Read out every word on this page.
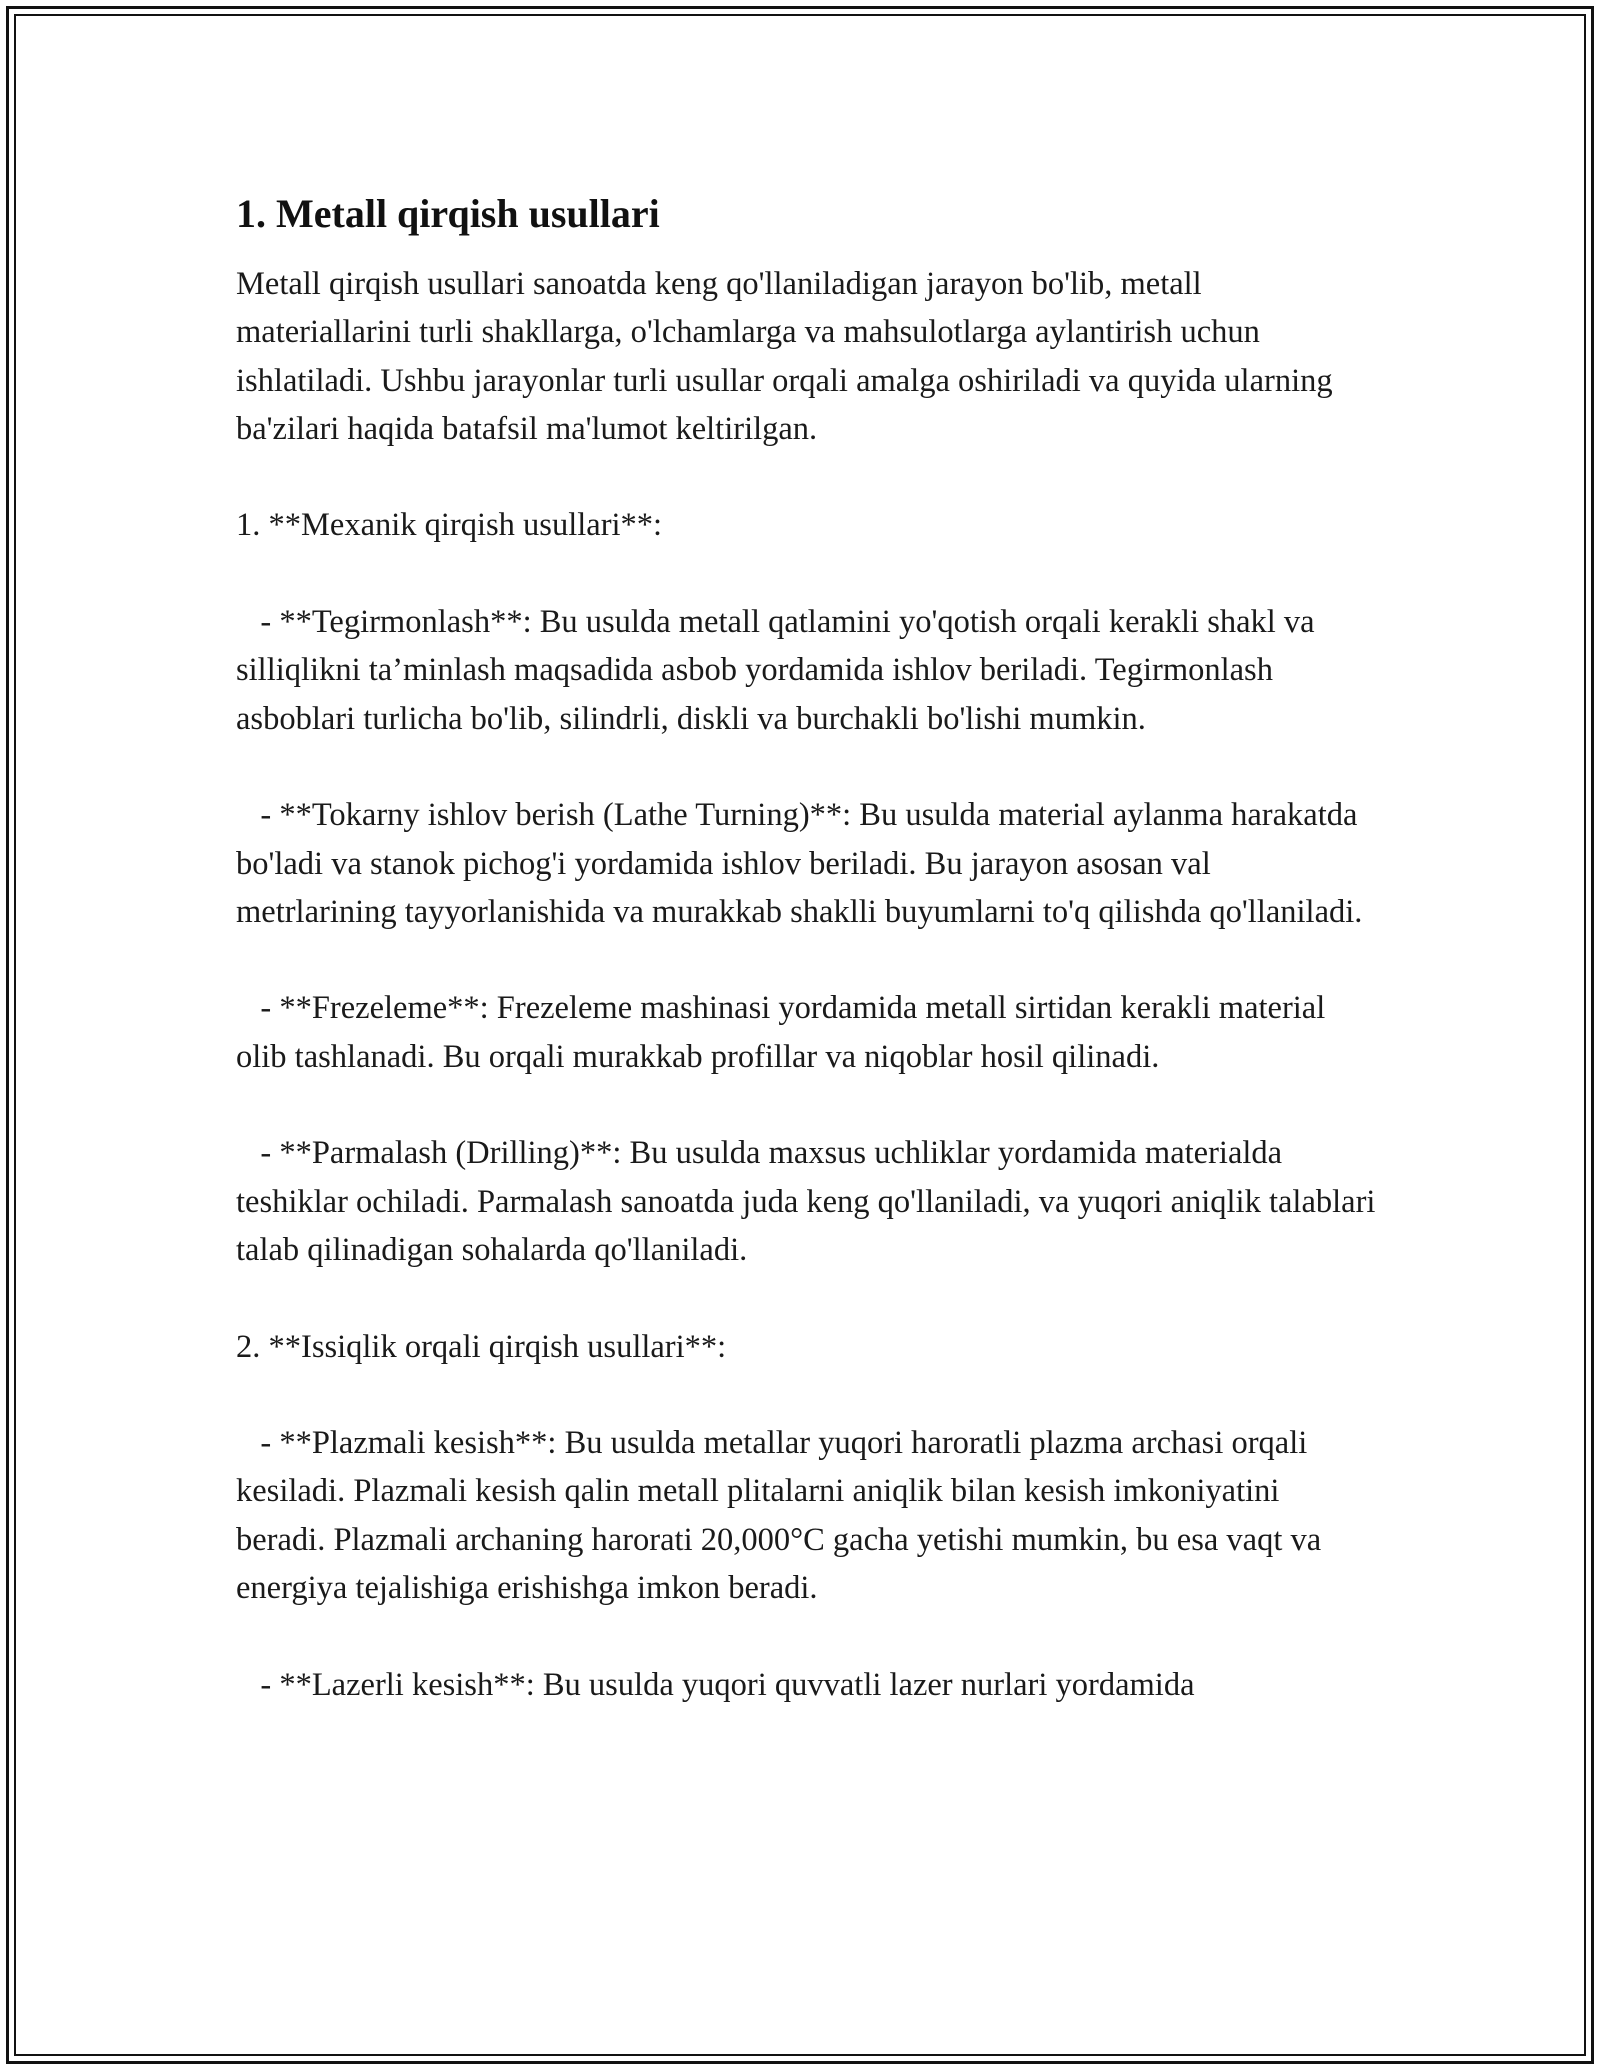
1. Metall qirqish usullari

Metall qirqish usullari sanoatda keng qo'llaniladigan jarayon bo'lib, metall materiallarini turli shakllarga, o'lchamlarga va mahsulotlarga aylantirish uchun ishlatiladi. Ushbu jarayonlar turli usullar orqali amalga oshiriladi va quyida ularning ba'zilari haqida batafsil ma'lumot keltirilgan.

1. **Mexanik qirqish usullari**:

- **Tegirmonlash**: Bu usulda metall qatlamini yo'qotish orqali kerakli shakl va silliqlikni ta’minlash maqsadida asbob yordamida ishlov beriladi. Tegirmonlash asboblari turlicha bo'lib, silindrli, diskli va burchakli bo'lishi mumkin.

- **Tokarny ishlov berish (Lathe Turning)**: Bu usulda material aylanma harakatda bo'ladi va stanok pichog'i yordamida ishlov beriladi. Bu jarayon asosan val metrlarining tayyorlanishida va murakkab shaklli buyumlarni to'q qilishda qo'llaniladi.

- **Frezeleme**: Frezeleme mashinasi yordamida metall sirtidan kerakli material olib tashlanadi. Bu orqali murakkab profillar va niqoblar hosil qilinadi.

- **Parmalash (Drilling)**: Bu usulda maxsus uchliklar yordamida materialda teshiklar ochiladi. Parmalash sanoatda juda keng qo'llaniladi, va yuqori aniqlik talablari talab qilinadigan sohalarda qo'llaniladi.

2. **Issiqlik orqali qirqish usullari**:

- **Plazmali kesish**: Bu usulda metallar yuqori haroratli plazma archasi orqali kesiladi. Plazmali kesish qalin metall plitalarni aniqlik bilan kesish imkoniyatini beradi. Plazmali archaning harorati 20,000°C gacha yetishi mumkin, bu esa vaqt va energiya tejalishiga erishishga imkon beradi.

- **Lazerli kesish**: Bu usulda yuqori quvvatli lazer nurlari yordamida
